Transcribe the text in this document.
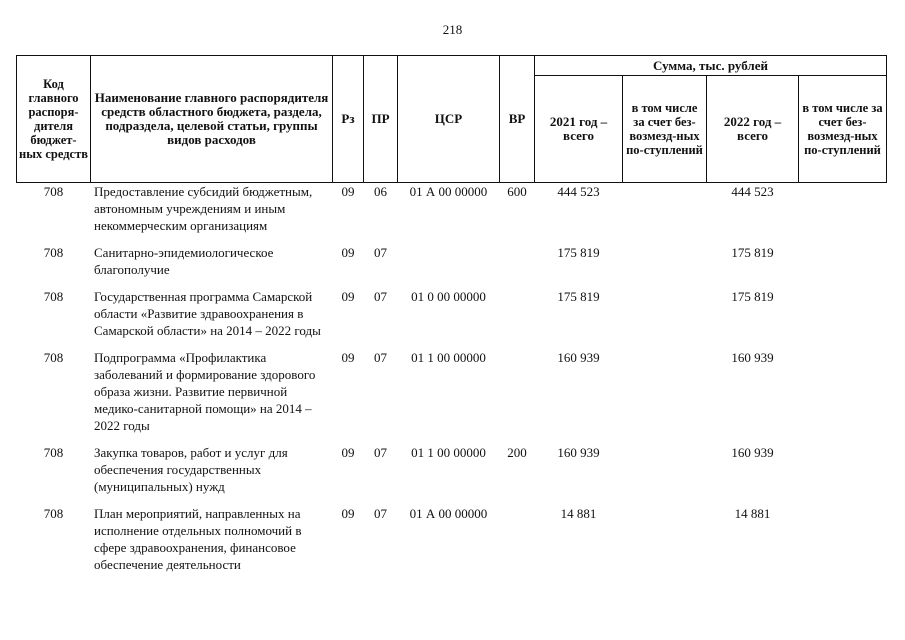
218
Код главного распоря-дителя бюджет-ных средств	Наименование главного распорядителя средств областного бюджета, раздела, подраздела, целевой статьи, группы видов расходов	Рз	ПР	ЦСР	ВР	Сумма, тыс. рублей			
						2021 год – всего	в том числе за счет без-возмезд-ных по-ступлений	2022 год – всего	в том числе за счет без-возмезд-ных по-ступлений
708	Предоставление субсидий бюджетным, автономным учреждениям и иным некоммерческим организациям	09	06	01 А 00 00000	600	444 523		444 523	
708	Санитарно-эпидемиологическое благополучие	09	07			175 819		175 819	
708	Государственная программа Самарской области «Развитие здравоохранения в Самарской области» на 2014 – 2022 годы	09	07	01 0 00 00000		175 819		175 819	
708	Подпрограмма «Профилактика заболеваний и формирование здорового образа жизни. Развитие первичной медико-санитарной помощи» на 2014 – 2022 годы	09	07	01 1 00 00000		160 939		160 939	
708	Закупка товаров, работ и услуг для обеспечения государственных (муниципальных) нужд	09	07	01 1 00 00000	200	160 939		160 939	
708	План мероприятий, направленных на исполнение отдельных полномочий в сфере здравоохранения, финансовое обеспечение деятельности	09	07	01 А 00 00000		14 881		14 881	
